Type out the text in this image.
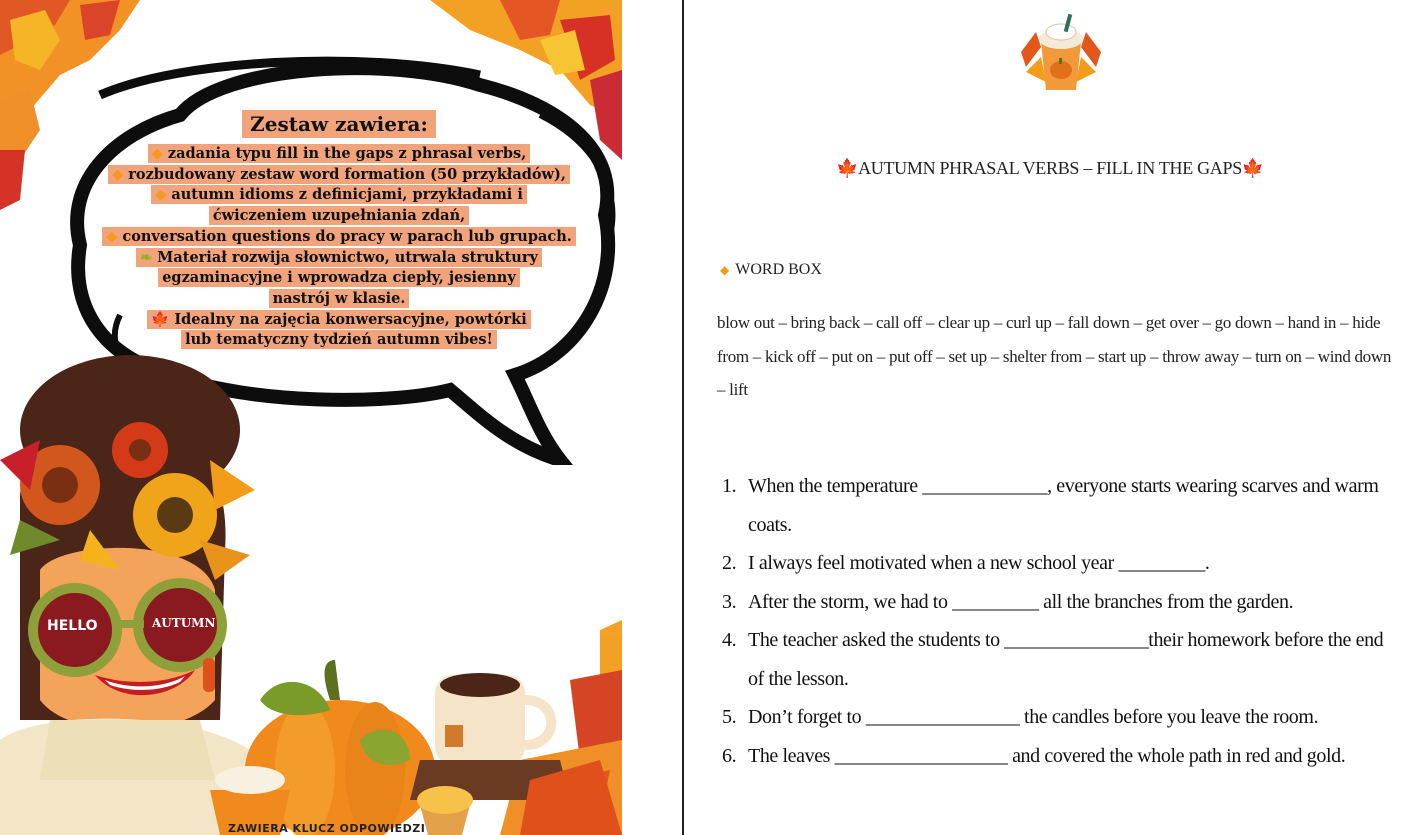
Zestaw zawiera:
◆ zadania typu fill in the gaps z phrasal verbs,
◆ rozbudowany zestaw word formation (50 przykładów),
◆ autumn idioms z definicjami, przykładami i ćwiczeniem uzupełniania zdań,
◆ conversation questions do pracy w parach lub grupach.
❧ Materiał rozwija słownictwo, utrwala struktury egzaminacyjne i wprowadza ciepły, jesienny nastrój w klasie.
🍁 Idealny na zajęcia konwersacyjne, powtórki lub tematyczny tydzień autumn vibes!
HELLO	AUTUMN
ZAWIERA KLUCZ ODPOWIEDZI
🍁AUTUMN PHRASAL VERBS – FILL IN THE GAPS🍁
◆ WORD BOX
blow out – bring back – call off – clear up – curl up – fall down – get over – go down – hand in – hide from – kick off – put on – put off – set up – shelter from – start up – throw away – turn on – wind down – lift
1. When the temperature _____________, everyone starts wearing scarves and warm coats.
2. I always feel motivated when a new school year _________.
3. After the storm, we had to _________ all the branches from the garden.
4. The teacher asked the students to _______________their homework before the end of the lesson.
5. Don’t forget to ________________ the candles before you leave the room.
6. The leaves __________________ and covered the whole path in red and gold.
